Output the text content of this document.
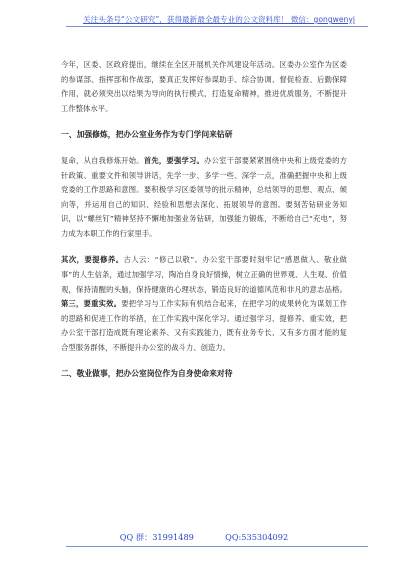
关注头条号“公文研究”，获得最新最全最专业的公文资料库！ 微信：gongwenyj

今年，区委、区政府提出，继续在全区开展机关作风建设年活动。区委办公室作为区委的参谋部、指挥部和作战部，要真正发挥好参谋助手、综合协调、督促检查、后勤保障作用，就必须突出以结果为导向的执行模式，打造复命精神，推进优质服务，不断提升工作整体水平。

一、加强修炼，把办公室业务作为专门学问来钻研

复命，从自我修炼开始。首先，要强学习。办公室干部要紧紧围绕中央和上级党委的方针政策、重要文件和领导讲话，先学一步、多学一些、深学一点，准确把握中央和上级党委的工作思路和意图。要积极学习区委领导的批示精神，总结领导的思想、观点、倾向等，并运用自己的知识、经验和思想去深化、拓展领导的意图。要刻苦钻研业务知识，以“螺丝钉”精神坚持不懈地加强业务钻研，加强能力锻炼，不断给自己“充电”，努力成为本职工作的行家里手。

其次，要提修养。古人云：“修己以敬”。办公室干部要时刻牢记“感恩做人、敬业做事”的人生信条，通过加强学习，陶冶自身良好情操，树立正确的世界观、人生观、价值观，保持清醒的头脑，保持健康的心理状态，锻造良好的道德风范和非凡的意志品格。第三，要重实效。要把学习与工作实际有机结合起来，在把学习的成果转化为谋划工作的思路和促进工作的举措，在工作实践中深化学习。通过强学习、提修养、重实效，把办公室干部打造成既有理论素养、又有实践能力，既有业务专长、又有多方面才能的复合型服务群体，不断提升办公室的战斗力、创造力。

二、敬业做事，把办公室岗位作为自身使命来对待
QQ 群：31991489	QQ:535304092
